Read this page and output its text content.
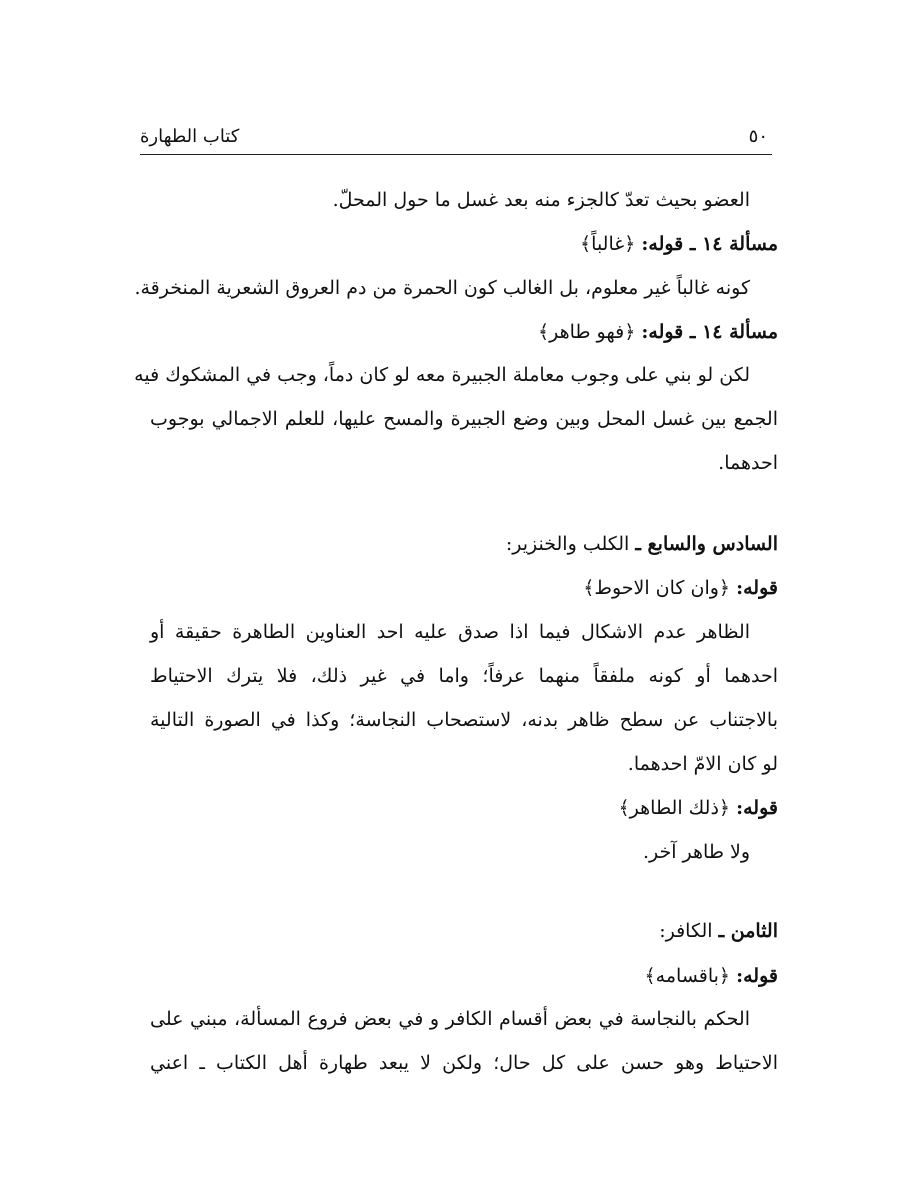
كتاب الطهارة	٥٠
العضو بحيث تعدّ كالجزء منه بعد غسل ما حول المحلّ.
مسألة ١٤ ـ قوله: ﴿غالباً﴾
كونه غالباً غير معلوم، بل الغالب كون الحمرة من دم العروق الشعرية المنخرقة.
مسألة ١٤ ـ قوله: ﴿فهو طاهر﴾
لكن لو بني على وجوب معاملة الجبيرة معه لو كان دماً، وجب في المشكوك فيه
الجمع بين غسل المحل وبين وضع الجبيرة والمسح عليها، للعلم الاجمالي بوجوب
احدهما.
السادس والسابع ـ الكلب والخنزير:
قوله: ﴿وان كان الاحوط﴾
الظاهر عدم الاشكال فيما اذا صدق عليه احد العناوين الطاهرة حقيقة أو
احدهما أو كونه ملفقاً منهما عرفاً؛ واما في غير ذلك، فلا يترك الاحتياط
بالاجتناب عن سطح ظاهر بدنه، لاستصحاب النجاسة؛ وكذا في الصورة التالية
لو كان الامّ احدهما.
قوله: ﴿ذلك الطاهر﴾
ولا طاهر آخر.
الثامن ـ الكافر:
قوله: ﴿باقسامه﴾
الحكم بالنجاسة في بعض أقسام الكافر و في بعض فروع المسألة، مبني على
الاحتياط وهو حسن على كل حال؛ ولكن لا يبعد طهارة أهل الكتاب ـ اعني
